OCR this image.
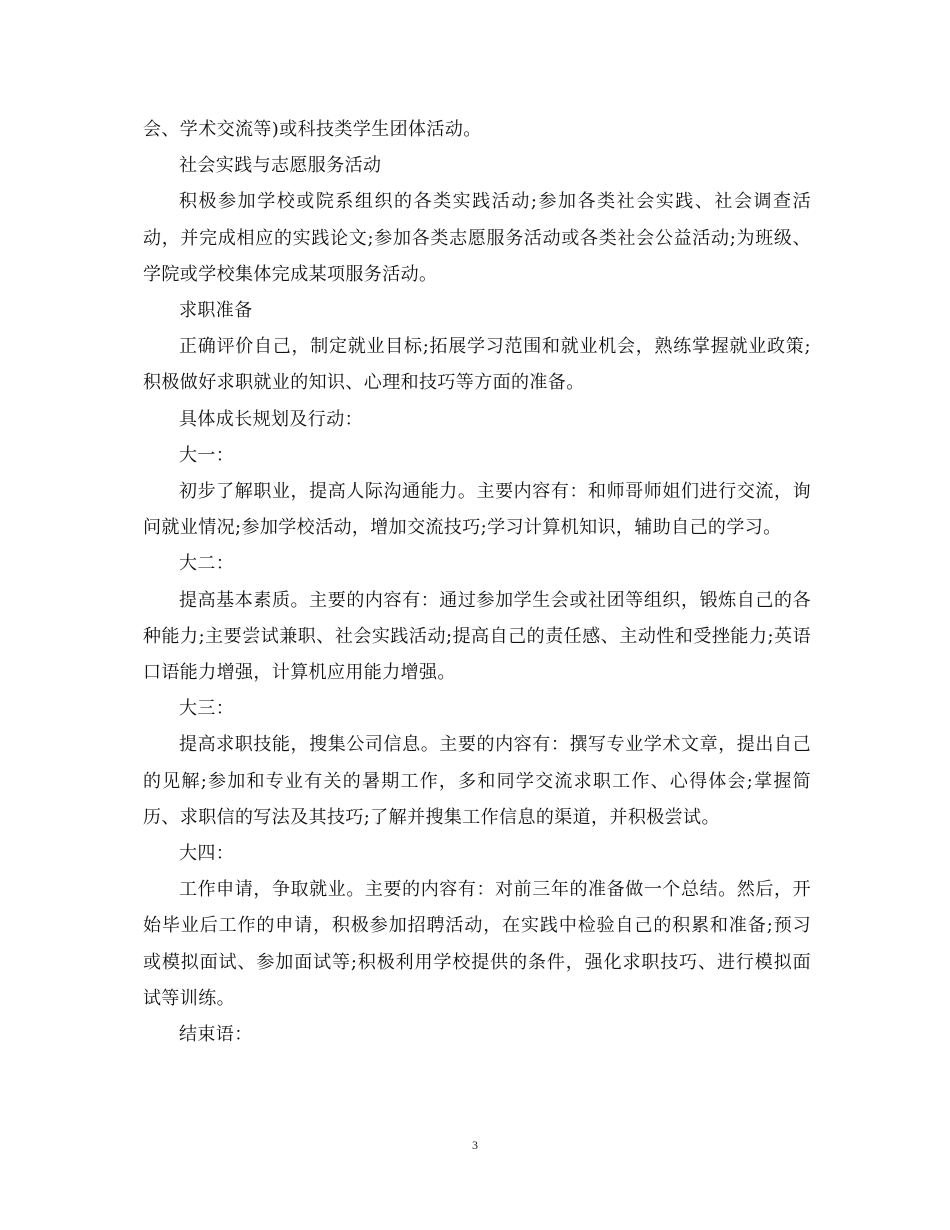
会、学术交流等)或科技类学生团体活动。

社会实践与志愿服务活动

积极参加学校或院系组织的各类实践活动;参加各类社会实践、社会调查活动，并完成相应的实践论文;参加各类志愿服务活动或各类社会公益活动;为班级、学院或学校集体完成某项服务活动。

求职准备

正确评价自己，制定就业目标;拓展学习范围和就业机会，熟练掌握就业政策;积极做好求职就业的知识、心理和技巧等方面的准备。

具体成长规划及行动：

大一：

初步了解职业，提高人际沟通能力。主要内容有：和师哥师姐们进行交流，询问就业情况;参加学校活动，增加交流技巧;学习计算机知识，辅助自己的学习。

大二：

提高基本素质。主要的内容有：通过参加学生会或社团等组织，锻炼自己的各种能力;主要尝试兼职、社会实践活动;提高自己的责任感、主动性和受挫能力;英语口语能力增强，计算机应用能力增强。

大三：

提高求职技能，搜集公司信息。主要的内容有：撰写专业学术文章，提出自己的见解;参加和专业有关的暑期工作，多和同学交流求职工作、心得体会;掌握简历、求职信的写法及其技巧;了解并搜集工作信息的渠道，并积极尝试。

大四：

工作申请，争取就业。主要的内容有：对前三年的准备做一个总结。然后，开始毕业后工作的申请，积极参加招聘活动，在实践中检验自己的积累和准备;预习或模拟面试、参加面试等;积极利用学校提供的条件，强化求职技巧、进行模拟面试等训练。

结束语：

3
